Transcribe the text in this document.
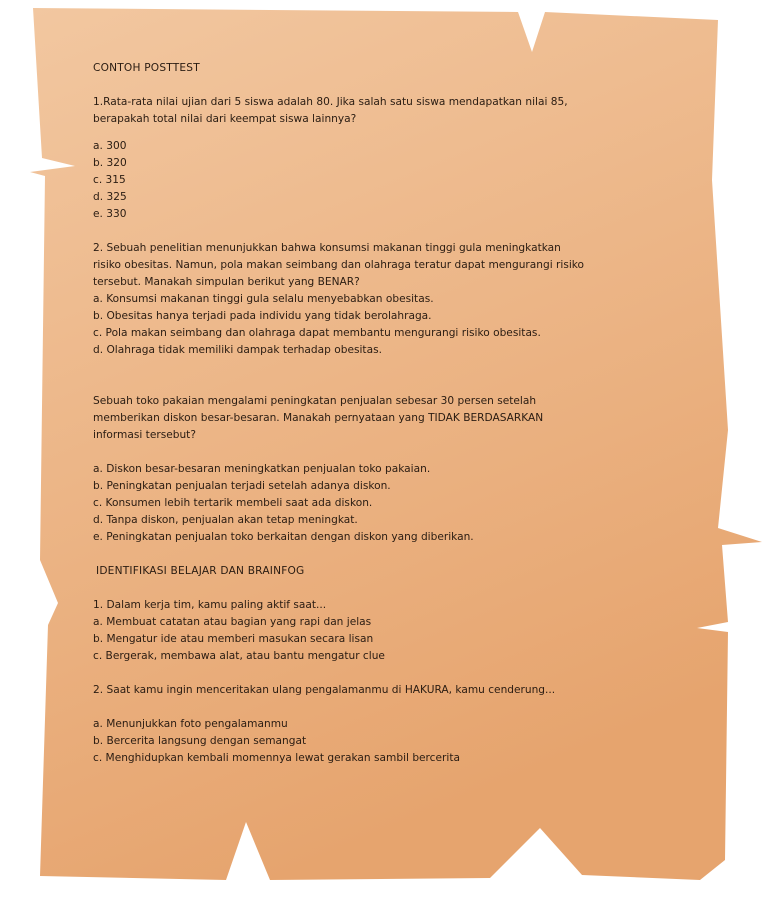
CONTOH POSTTEST
1.Rata-rata nilai ujian dari 5 siswa adalah 80. Jika salah satu siswa mendapatkan nilai 85,
berapakah total nilai dari keempat siswa lainnya?
a. 300
b. 320
c. 315
d. 325
e. 330
2. Sebuah penelitian menunjukkan bahwa konsumsi makanan tinggi gula meningkatkan
risiko obesitas. Namun, pola makan seimbang dan olahraga teratur dapat mengurangi risiko
tersebut. Manakah simpulan berikut yang BENAR?
a. Konsumsi makanan tinggi gula selalu menyebabkan obesitas.
b. Obesitas hanya terjadi pada individu yang tidak berolahraga.
c. Pola makan seimbang dan olahraga dapat membantu mengurangi risiko obesitas.
d. Olahraga tidak memiliki dampak terhadap obesitas.
Sebuah toko pakaian mengalami peningkatan penjualan sebesar 30 persen setelah
memberikan diskon besar-besaran. Manakah pernyataan yang TIDAK BERDASARKAN
informasi tersebut?
a. Diskon besar-besaran meningkatkan penjualan toko pakaian.
b. Peningkatan penjualan terjadi setelah adanya diskon.
c. Konsumen lebih tertarik membeli saat ada diskon.
d. Tanpa diskon, penjualan akan tetap meningkat.
e. Peningkatan penjualan toko berkaitan dengan diskon yang diberikan.
IDENTIFIKASI BELAJAR DAN BRAINFOG
1. Dalam kerja tim, kamu paling aktif saat...
a. Membuat catatan atau bagian yang rapi dan jelas
b. Mengatur ide atau memberi masukan secara lisan
c. Bergerak, membawa alat, atau bantu mengatur clue
2. Saat kamu ingin menceritakan ulang pengalamanmu di HAKURA, kamu cenderung...
a. Menunjukkan foto pengalamanmu
b. Bercerita langsung dengan semangat
c. Menghidupkan kembali momennya lewat gerakan sambil bercerita
